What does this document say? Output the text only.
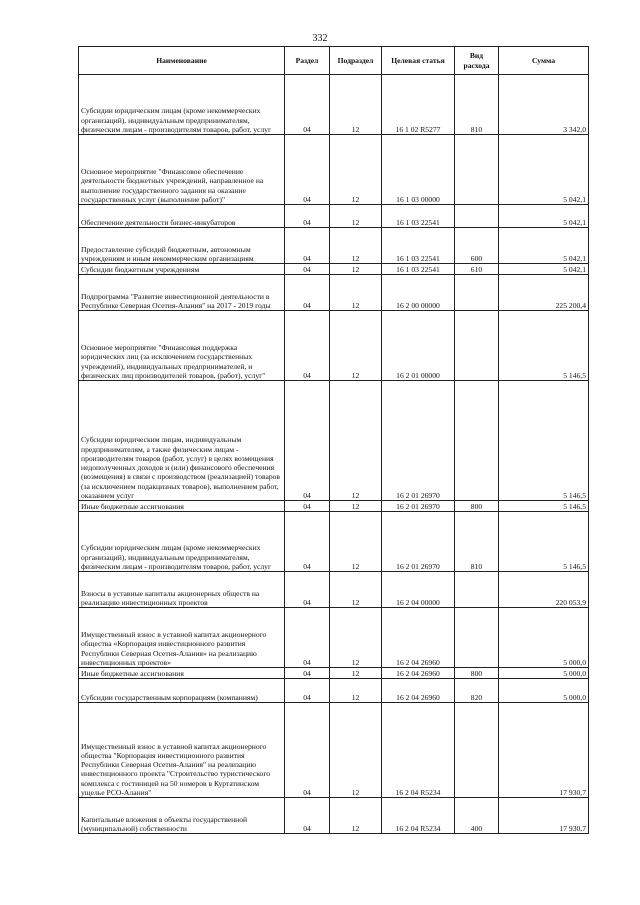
332
Наименование	Раздел	Подраздел	Целевая статья	Вид расхода	Сумма
Субсидии юридическим лицам (кроме некоммерческих организаций), индивидуальным предпринимателям, физическим лицам - производителям товаров, работ, услуг	04	12	16 1 02 R5277	810	3 342,0
Основное мероприятие "Финансовое обеспечение деятельности бюджетных учреждений, направленное на выполнение государственного задания на оказание государственных услуг (выполнение работ)"	04	12	16 1 03 00000		5 042,1
Обеспечение деятельности бизнес-инкубаторов	04	12	16 1 03 22541		5 042,1
Предоставление субсидий бюджетным, автономным учреждениям и иным некоммерческим организациям	04	12	16 1 03 22541	600	5 042,1
Субсидии бюджетным учреждениям	04	12	16 1 03 22541	610	5 042,1
Подпрограмма "Развитие инвестиционной деятельности в Республике Северная Осетия-Алания" на 2017 - 2019 годы	04	12	16 2 00 00000		225 200,4
Основное мероприятие "Финансовая поддержка юридических лиц (за исключением государственных учреждений), индивидуальных предпринимателей, и физических лиц производителей товаров, (работ), услуг"	04	12	16 2 01 00000		5 146,5
Субсидии юридическим лицам, индивидуальным предпринимателям, а также физическим лицам - производителям товаров (работ, услуг) в целях возмещения недополученных доходов и (или) финансового обеспечения (возмещения) в связи с производством (реализацией) товаров (за исключением подакцизных товаров), выполнением работ, оказанием услуг	04	12	16 2 01 26970		5 146,5
Иные бюджетные ассигнования	04	12	16 2 01 26970	800	5 146,5
Субсидии юридическим лицам (кроме некоммерческих организаций), индивидуальным предпринимателям, физическим лицам - производителям товаров, работ, услуг	04	12	16 2 01 26970	810	5 146,5
Взносы в уставные капиталы акционерных обществ на реализацию инвестиционных проектов	04	12	16 2 04 00000		220 053,9
Имущественный взнос в уставной капитал акционерного общества «Корпорация инвестиционного развития Республики Северная Осетия-Алания» на реализацию инвестиционных проектов»	04	12	16 2 04 26960		5 000,0
Иные бюджетные ассигнования	04	12	16 2 04 26960	800	5 000,0
Субсидии государственным корпорациям (компаниям)	04	12	16 2 04 26960	820	5 000,0
Имущественный взнос в уставной капитал акционерного общества "Корпорация инвестиционного развития Республики Северная Осетия-Алания" на реализацию инвестиционного проекта "Строительство туристического комплекса с гостиницей на 50 номеров в Куртатинском ущелье РСО-Алания"	04	12	16 2 04 R5234		17 930,7
Капитальные вложения в объекты государственной (муниципальной) собственности	04	12	16 2 04 R5234	400	17 930,7
